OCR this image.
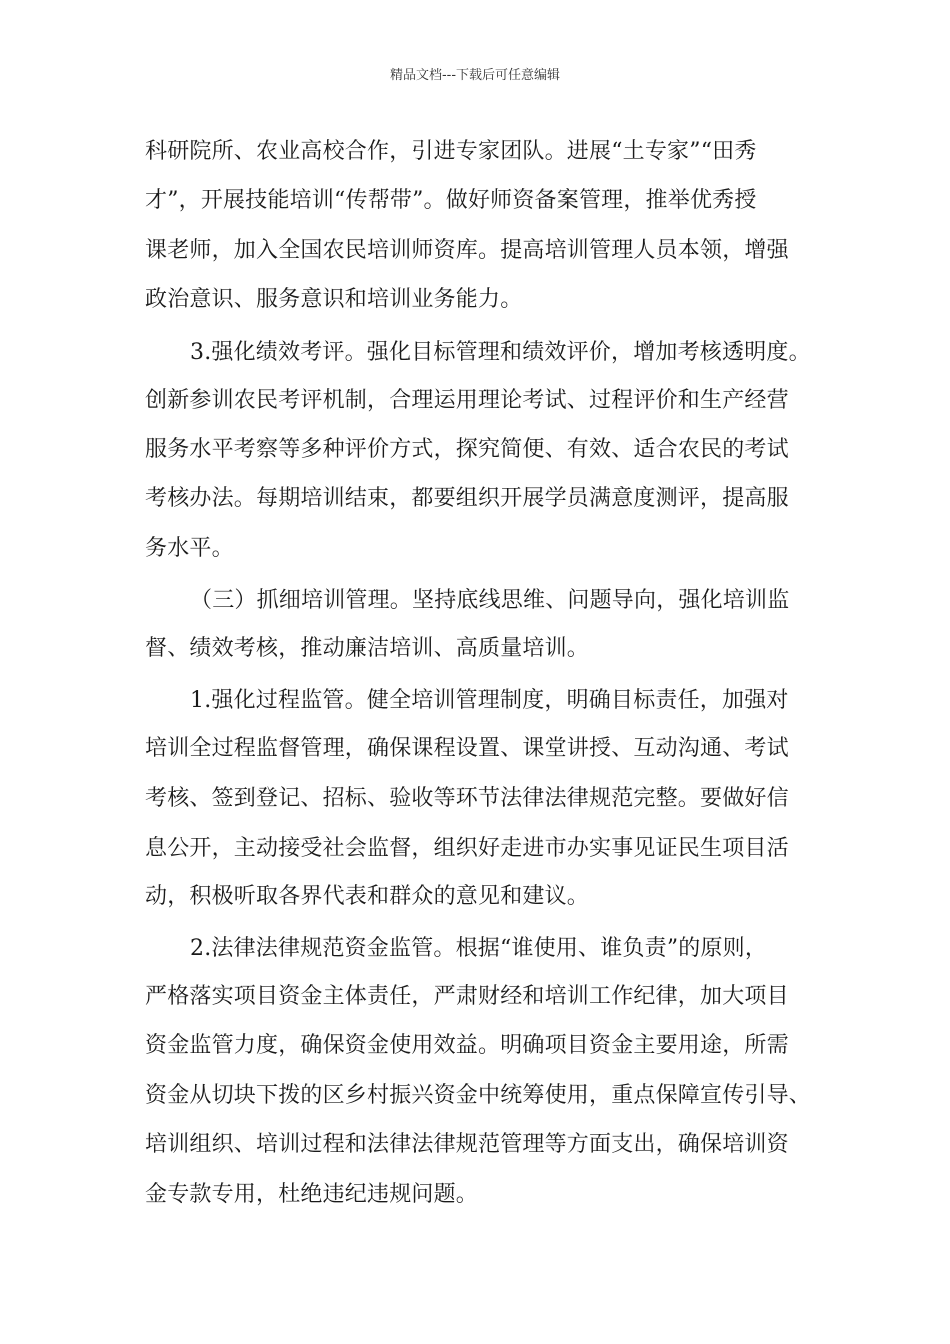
精品文档---下载后可任意编辑
科研院所、农业高校合作，引进专家团队。进展“土专家”“田秀
才”，开展技能培训“传帮带”。做好师资备案管理，推举优秀授
课老师，加入全国农民培训师资库。提高培训管理人员本领，增强
政治意识、服务意识和培训业务能力。
3.强化绩效考评。强化目标管理和绩效评价，增加考核透明度。
创新参训农民考评机制，合理运用理论考试、过程评价和生产经营
服务水平考察等多种评价方式，探究简便、有效、适合农民的考试
考核办法。每期培训结束，都要组织开展学员满意度测评，提高服
务水平。
（三）抓细培训管理。坚持底线思维、问题导向，强化培训监
督、绩效考核，推动廉洁培训、高质量培训。
1.强化过程监管。健全培训管理制度，明确目标责任，加强对
培训全过程监督管理，确保课程设置、课堂讲授、互动沟通、考试
考核、签到登记、招标、验收等环节法律法律规范完整。要做好信
息公开，主动接受社会监督，组织好走进市办实事见证民生项目活
动，积极听取各界代表和群众的意见和建议。
2.法律法律规范资金监管。根据“谁使用、谁负责”的原则，
严格落实项目资金主体责任，严肃财经和培训工作纪律，加大项目
资金监管力度，确保资金使用效益。明确项目资金主要用途，所需
资金从切块下拨的区乡村振兴资金中统筹使用，重点保障宣传引导、
培训组织、培训过程和法律法律规范管理等方面支出，确保培训资
金专款专用，杜绝违纪违规问题。
